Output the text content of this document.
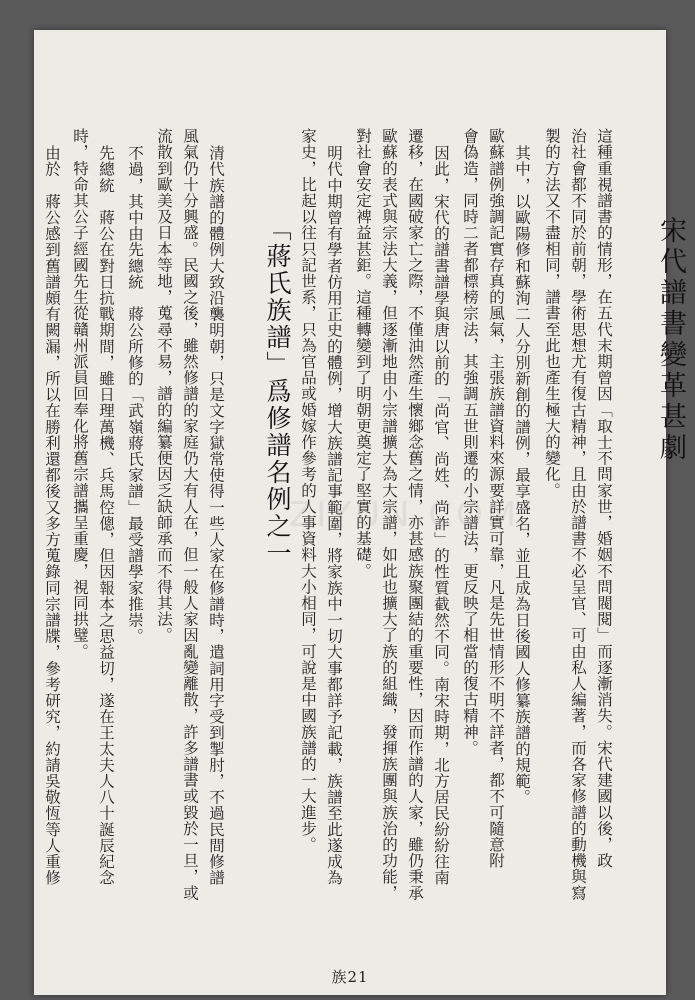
宋代譜書變革甚劇
這種重視譜書的情形，在五代末期曾因「取士不問家世，婚姻不問閥閱」而逐漸消失。宋代建國以後，政
治社會都不同於前朝，學術思想尤有復古精神，且由於譜書不必呈官、可由私人編著，而各家修譜的動機與寫
製的方法又不盡相同，譜書至此也產生極大的變化。
其中，以歐陽修和蘇洵二人分別新創的譜例，最享盛名，並且成為日後國人修纂族譜的規範。
歐蘇譜例強調記實存真的風氣，主張族譜資料來源要詳實可靠，凡是先世情形不明不詳者，都不可隨意附
會偽造，同時二者都標榜宗法，其強調五世則遷的小宗譜法，更反映了相當的復古精神。
因此，宋代的譜書譜學與唐以前的「尚官、尚姓、尚詐」的性質截然不同。南宋時期，北方居民紛紛往南
遷移，在國破家亡之際，不僅油然產生懷鄉念舊之情，亦甚感族聚團結的重要性，因而作譜的人家，雖仍秉承
歐蘇的表式與宗法大義，但逐漸地由小宗譜擴大為大宗譜，如此也擴大了族的組織，發揮族團與族治的功能，
對社會安定裨益甚鉅。這種轉變到了明朝更奠定了堅實的基礎。
明代中期曾有學者仿用正史的體例，增大族譜記事範圍，將家族中一切大事都詳予記載，族譜至此遂成為
家史，比起以往只記世系，只為官品或婚嫁作參考的人事資料大小相同，可說是中國族譜的一大進步。
「蔣氏族譜」爲修譜名例之一
清代族譜的體例大致沿襲明朝，只是文字獄常使得一些人家在修譜時，遣詞用字受到掣肘，不過民間修譜
風氣仍十分興盛。民國之後，雖然修譜的家庭仍大有人在，但一般人家因亂變離散，許多譜書或毀於一旦，或
流散到歐美及日本等地，蒐尋不易，譜的編纂便因乏缺師承而不得其法。
不過，其中由先總統　蔣公所修的「武嶺蔣氏家譜」最受譜學家推崇。
先總統　蔣公在對日抗戰期間，雖日理萬機、兵馬倥傯，但因報本之思益切，遂在王太夫人八十誕辰紀念
時，特命其公子經國先生從贛州派員回奉化將舊宗譜攜呈重慶，視同拱璧。
由於　蔣公感到舊譜頗有闕漏，所以在勝利還都後又多方蒐錄同宗譜牒，參考研究，約請吳敬恆等人重修	ZIYUN.COM
族21
